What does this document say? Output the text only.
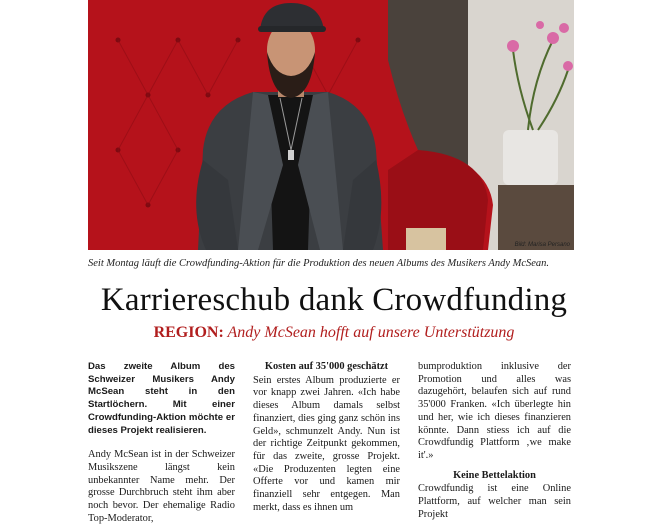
Bild: Marisa Persano
Seit Montag läuft die Crowdfunding-Aktion für die Produktion des neuen Albums des Musikers Andy McSean.
Karriereschub dank Crowdfunding
REGION: Andy McSean hofft auf unsere Unterstützung

Das zweite Album des Schweizer Musikers Andy McSean steht in den Startlöchern. Mit einer Crowdfunding-Aktion möchte er dieses Projekt realisieren.

Andy McSean ist in der Schweizer Musikszene längst kein unbekannter Name mehr. Der grosse Durchbruch steht ihm aber noch bevor. Der ehemalige Radio Top-Moderator,

Kosten auf 35'000 geschätzt

Sein erstes Album produzierte er vor knapp zwei Jahren. «Ich habe dieses Album damals selbst finanziert, dies ging ganz schön ins Geld», schmunzelt Andy. Nun ist der richtige Zeitpunkt gekommen, für das zweite, grosse Projekt. «Die Produzenten legten eine Offerte vor und kamen mir finanziell sehr entgegen. Man merkt, dass es ihnen um

bumproduktion inklusive der Promotion und alles was dazugehört, belaufen sich auf rund 35'000 Franken. «Ich überlegte hin und her, wie ich dieses finanzieren könnte. Dann stiess ich auf die Crowdfundig Plattform ‚we make it'.»

Keine Bettelaktion

Crowdfundig ist eine Online Plattform, auf welcher man sein Projekt
